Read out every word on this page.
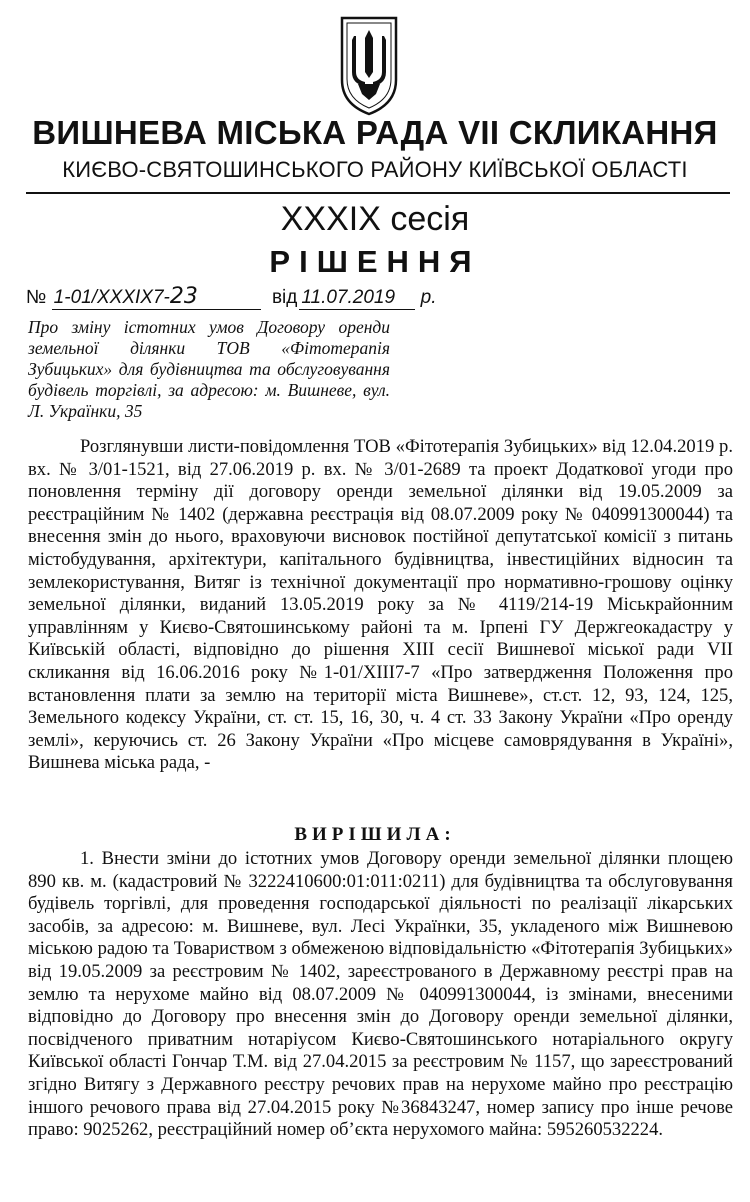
ВИШНЕВА МІСЬКА РАДА VII СКЛИКАННЯ
КИЄВО-СВЯТОШИНСЬКОГО РАЙОНУ КИЇВСЬКОЇ ОБЛАСТІ
XXXIX сесія
РІШЕННЯ
№ 1-01/XXXIX7-23	від 11.07.2019 р.
Про зміну істотних умов Договору оренди земельної ділянки ТОВ «Фітотерапія Зубицьких» для будівництва та обслуговування будівель торгівлі, за адресою: м. Вишневе, вул. Л. Українки, 35

Розглянувши листи-повідомлення ТОВ «Фітотерапія Зубицьких» від 12.04.2019 р. вх. № 3/01-1521, від 27.06.2019 р. вх. № 3/01-2689 та проект Додаткової угоди про поновлення терміну дії договору оренди земельної ділянки від 19.05.2009 за реєстраційним № 1402 (державна реєстрація від 08.07.2009 року № 040991300044) та внесення змін до нього, враховуючи висновок постійної депутатської комісії з питань містобудування, архітектури, капітального будівництва, інвестиційних відносин та землекористування, Витяг із технічної документації про нормативно-грошову оцінку земельної ділянки, виданий 13.05.2019 року за № 4119/214-19 Міськрайонним управлінням у Києво-Святошинському районі та м. Ірпені ГУ Держгеокадастру у Київській області, відповідно до рішення XIII сесії Вишневої міської ради VII скликання від 16.06.2016 року №1-01/XIII7-7 «Про затвердження Положення про встановлення плати за землю на території міста Вишневе», ст.ст. 12, 93, 124, 125, Земельного кодексу України, ст. ст. 15, 16, 30, ч. 4 ст. 33 Закону України «Про оренду землі», керуючись ст. 26 Закону України «Про місцеве самоврядування в Україні», Вишнева міська рада, -

ВИРІШИЛА:

1. Внести зміни до істотних умов Договору оренди земельної ділянки площею 890 кв. м. (кадастровий № 3222410600:01:011:0211) для будівництва та обслуговування будівель торгівлі, для проведення господарської діяльності по реалізації лікарських засобів, за адресою: м. Вишневе, вул. Лесі Українки, 35, укладеного між Вишневою міською радою та Товариством з обмеженою відповідальністю «Фітотерапія Зубицьких» від 19.05.2009 за реєстровим № 1402, зареєстрованого в Державному реєстрі прав на землю та нерухоме майно від 08.07.2009 № 040991300044, із змінами, внесеними відповідно до Договору про внесення змін до Договору оренди земельної ділянки, посвідченого приватним нотаріусом Києво-Святошинського нотаріального округу Київської області Гончар Т.М. від 27.04.2015 за реєстровим № 1157, що зареєстрований згідно Витягу з Державного реєстру речових прав на нерухоме майно про реєстрацію іншого речового права від 27.04.2015 року №36843247, номер запису про інше речове право: 9025262, реєстраційний номер об’єкта нерухомого майна: 595260532224.
